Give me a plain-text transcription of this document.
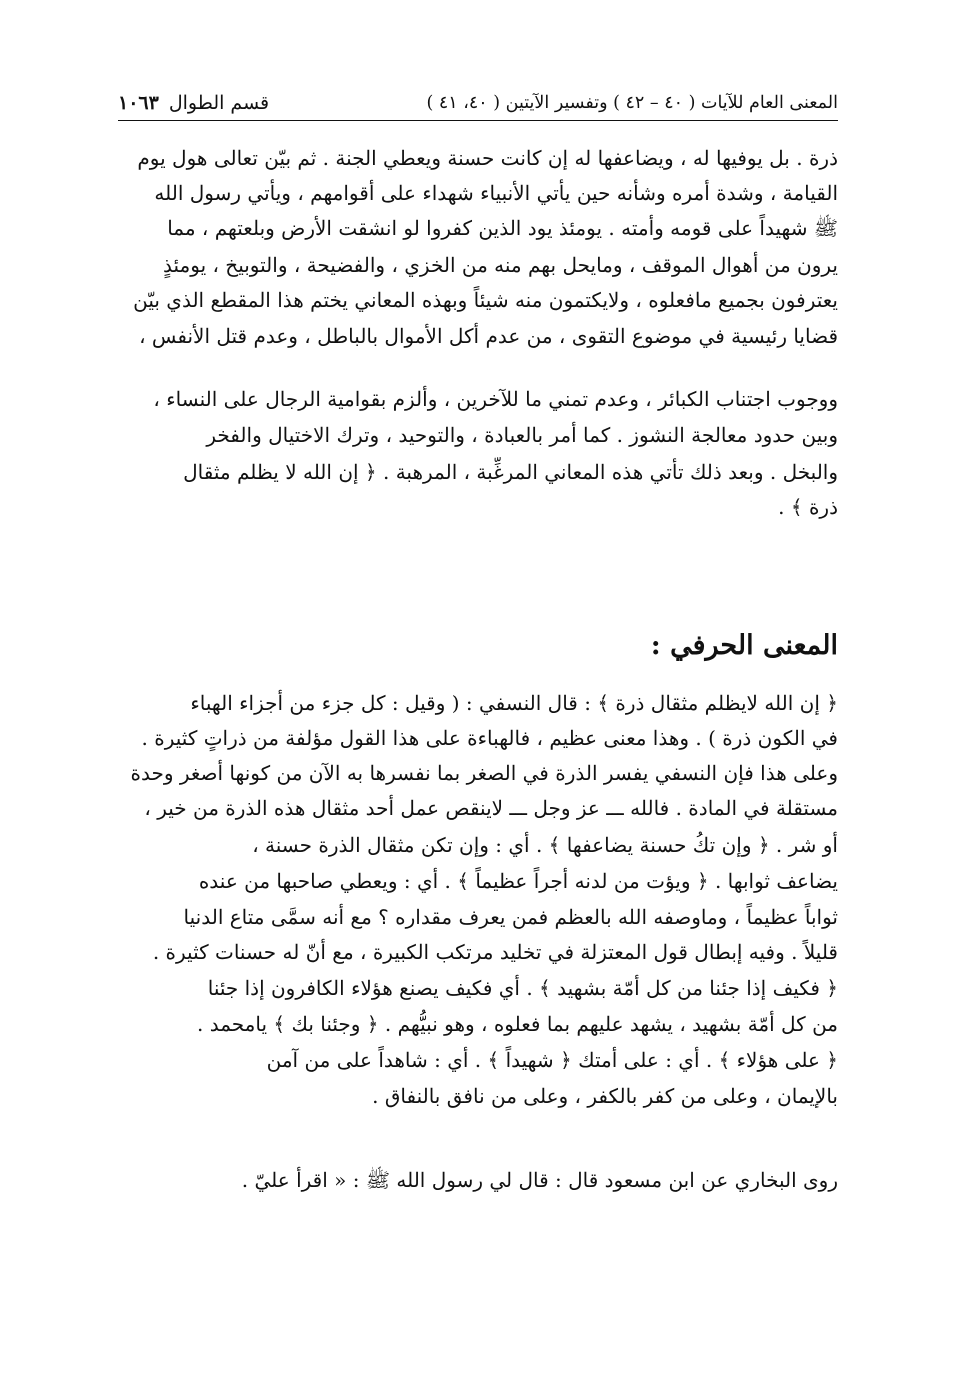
المعنى العام للآيات ( ٤٠ – ٤٢ ) وتفسير الآيتين ( ٤٠، ٤١ )
قسم الطوال١٠٦٣
ذرة . بل يوفيها له ، ويضاعفها له إن كانت حسنة ويعطي الجنة . ثم بيّن تعالى هول يوم
القيامة ، وشدة أمره وشأنه حين يأتي الأنبياء شهداء على أقوامهم ، ويأتي رسول الله
ﷺ شهيداً على قومه وأمته . يومئذ يود الذين كفروا لو انشقت الأرض وبلعتهم ، مما
يرون من أهوال الموقف ، ومايحل بهم منه من الخزي ، والفضيحة ، والتوبيخ ، يومئذٍ
يعترفون بجميع مافعلوه ، ولايكتمون منه شيئاً وبهذه المعاني يختم هذا المقطع الذي بيّن
قضايا رئيسية في موضوع التقوى ، من عدم أكل الأموال بالباطل ، وعدم قتل الأنفس ،
ووجوب اجتناب الكبائر ، وعدم تمني ما للآخرين ، وألزم بقوامية الرجال على النساء ،
وبين حدود معالجة النشوز . كما أمر بالعبادة ، والتوحيد ، وترك الاختيال والفخر
والبخل . وبعد ذلك تأتي هذه المعاني المرغِّبة ، المرهبة . ﴿ إن الله لا يظلم مثقال
ذرة ﴾ .
المعنى الحرفي :
﴿ إن الله لايظلم مثقال ذرة ﴾ : قال النسفي : ( وقيل : كل جزء من أجزاء الهباء
في الكون ذرة ) . وهذا معنى عظيم ، فالهباءة على هذا القول مؤلفة من ذراتٍ كثيرة .
وعلى هذا فإن النسفي يفسر الذرة في الصغر بما نفسرها به الآن من كونها أصغر وحدة
مستقلة في المادة . فالله ـــ عز وجل ـــ لاينقص عمل أحد مثقال هذه الذرة من خير ،
أو شر . ﴿ وإن تكُ حسنة يضاعفها ﴾ . أي : وإن تكن مثقال الذرة حسنة ،
يضاعف ثوابها . ﴿ ويؤت من لدنه أجراً عظيماً ﴾ . أي : ويعطي صاحبها من عنده
ثواباً عظيماً ، وماوصفه الله بالعظم فمن يعرف مقداره ؟ مع أنه سمَّى متاع الدنيا
قليلاً . وفيه إبطال قول المعتزلة في تخليد مرتكب الكبيرة ، مع أنّ له حسنات كثيرة .
﴿ فكيف إذا جئنا من كل أمّة بشهيد ﴾ . أي فكيف يصنع هؤلاء الكافرون إذا جئنا
من كل أمّة بشهيد ، يشهد عليهم بما فعلوه ، وهو نبيُّهم . ﴿ وجئنا بك ﴾ يامحمد .
﴿ على هؤلاء ﴾ . أي : على أمتك ﴿ شهيداً ﴾ . أي : شاهداً على من آمن
بالإيمان ، وعلى من كفر بالكفر ، وعلى من نافق بالنفاق .
روى البخاري عن ابن مسعود قال : قال لي رسول الله ﷺ : « اقرأ عليّ .
